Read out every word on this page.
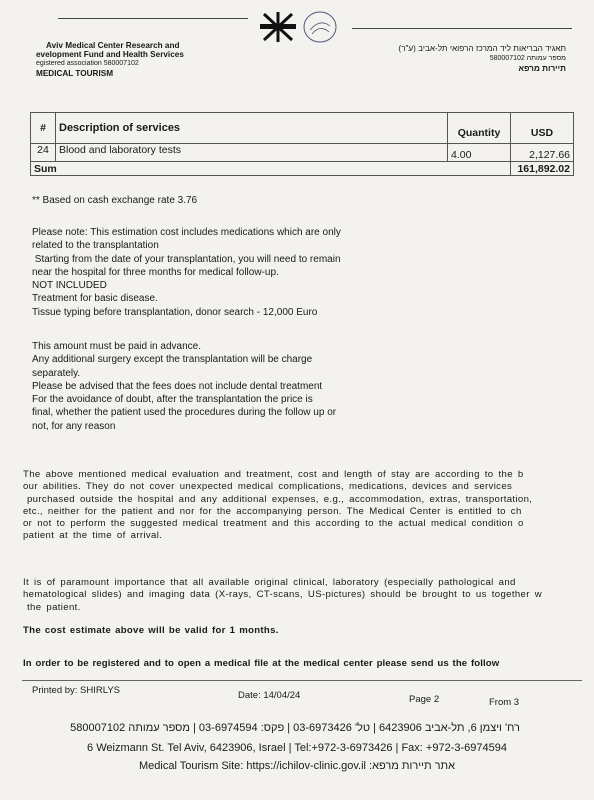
Aviv Medical Center Research and
evelopment Fund and Health Services
egistered association 580007102
MEDICAL TOURISM
תאגיד הבריאות ליד המרכז הרפואי תל-אביב (ע"ר)
מספר עמותה 580007102
תיירות מרפא
#	Description of services	Quantity	USD
24	Blood and laboratory tests	4.00	2,127.66
Sum			161,892.02
** Based on cash exchange rate 3.76
Please note: This estimation cost includes medications which are only
related to the transplantation
Starting from the date of your transplantation, you will need to remain
near the hospital for three months for medical follow-up.
NOT INCLUDED
Treatment for basic disease.
Tissue typing before transplantation, donor search - 12,000 Euro
This amount must be paid in advance.
Any additional surgery except the transplantation will be charge
separately.
Please be advised that the fees does not include dental treatment
For the avoidance of doubt, after the transplantation the price is
final, whether the patient used the procedures during the follow up or
not, for any reason
The above mentioned medical evaluation and treatment, cost and length of stay are according to the b
our abilities. They do not cover unexpected medical complications, medications, devices and services
purchased outside the hospital and any additional expenses, e.g., accommodation, extras, transportation,
etc., neither for the patient and nor for the accompanying person. The Medical Center is entitled to ch
or not to perform the suggested medical treatment and this according to the actual medical condition o
patient at the time of arrival.
It is of paramount importance that all available original clinical, laboratory (especially pathological and
hematological slides) and imaging data (X-rays, CT-scans, US-pictures) should be brought to us together w
the patient.
The cost estimate above will be valid for 1 months.
In order to be registered and to open a medical file at the medical center please send us the follow
Printed by: SHIRLYS	Date: 14/04/24	Page 2	From 3
רח' ויצמן 6, תל-אביב 6423906 | טל' 03-6973426 | פקס: 03-6974594 | מספר עמותה 580007102
6 Weizmann St. Tel Aviv, 6423906, Israel | Tel:+972-3-6973426 | Fax: +972-3-6974594
Medical Tourism Site: https://ichilov-clinic.gov.il :אתר תיירות מרפא
